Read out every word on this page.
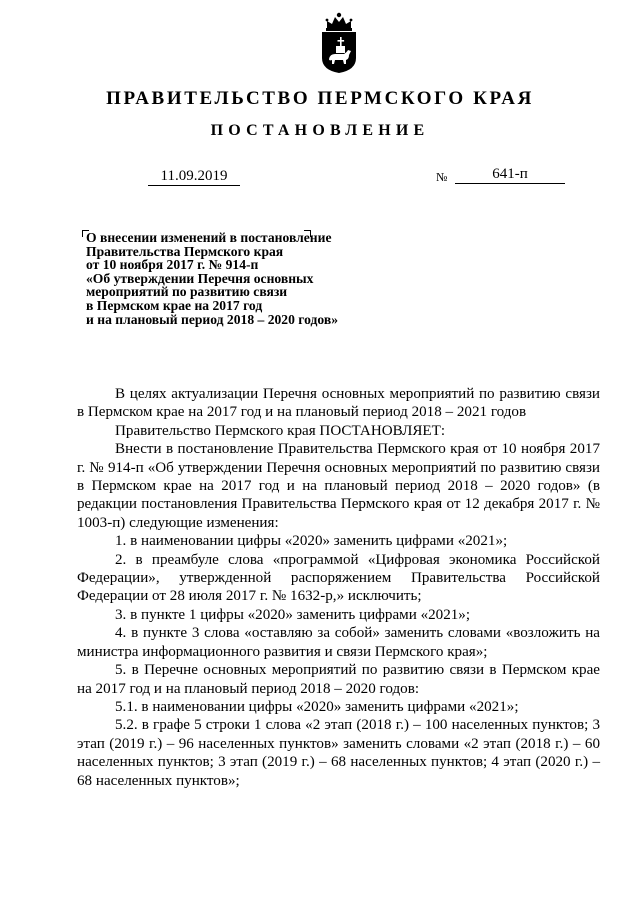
ПРАВИТЕЛЬСТВО ПЕРМСКОГО КРАЯ
ПОСТАНОВЛЕНИЕ
11.09.2019	№	641-п
О внесении изменений в постановление
Правительства Пермского края
от 10 ноября 2017 г. № 914-п
«Об утверждении Перечня основных
мероприятий по развитию связи
в Пермском крае на 2017 год
и на плановый период 2018 – 2020 годов»

В целях актуализации Перечня основных мероприятий по развитию связи в Пермском крае на 2017 год и на плановый период 2018 – 2021 годов

Правительство Пермского края ПОСТАНОВЛЯЕТ:

Внести в постановление Правительства Пермского края от 10 ноября 2017 г. № 914-п «Об утверждении Перечня основных мероприятий по развитию связи в Пермском крае на 2017 год и на плановый период 2018 – 2020 годов» (в редакции постановления Правительства Пермского края от 12 декабря 2017 г. № 1003-п) следующие изменения:

1. в наименовании цифры «2020» заменить цифрами «2021»;

2. в преамбуле слова «программой «Цифровая экономика Российской Федерации», утвержденной распоряжением Правительства Российской Федерации от 28 июля 2017 г. № 1632-р,» исключить;

3. в пункте 1 цифры «2020» заменить цифрами «2021»;

4. в пункте 3 слова «оставляю за собой» заменить словами «возложить на министра информационного развития и связи Пермского края»;

5. в Перечне основных мероприятий по развитию связи в Пермском крае на 2017 год и на плановый период 2018 – 2020 годов:

5.1. в наименовании цифры «2020» заменить цифрами «2021»;

5.2. в графе 5 строки 1 слова «2 этап (2018 г.) – 100 населенных пунктов; 3 этап (2019 г.) – 96 населенных пунктов» заменить словами «2 этап (2018 г.) – 60 населенных пунктов; 3 этап (2019 г.) – 68 населенных пунктов; 4 этап (2020 г.) – 68 населенных пунктов»;
